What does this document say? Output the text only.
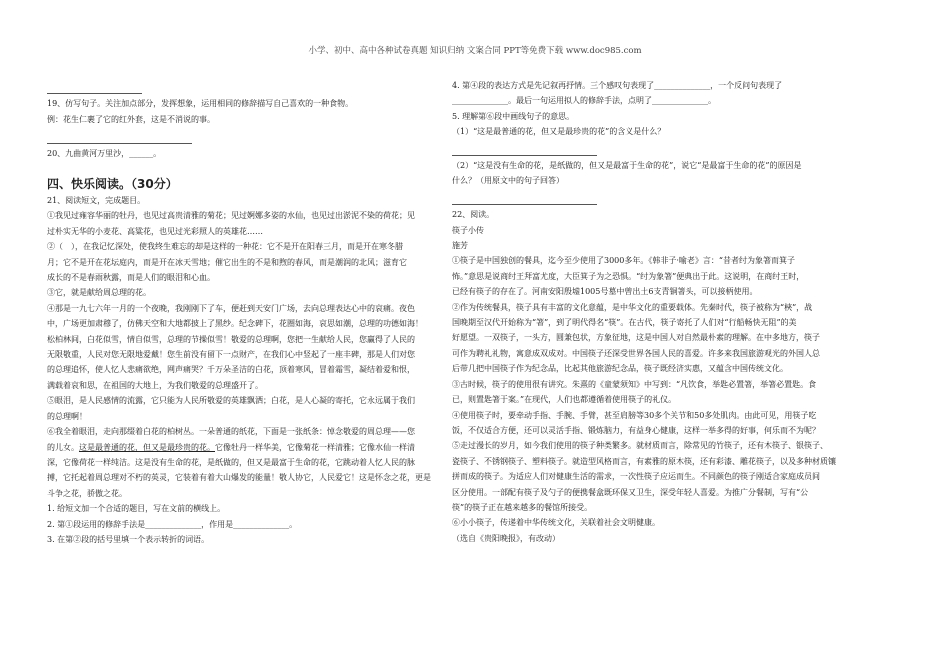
小学、初中、高中各种试卷真题 知识归纳 文案合同 PPT等免费下载 www.doc985.com
19、仿写句子。关注加点部分，发挥想象，运用相同的修辞描写自己喜欢的一种食物。
例：花生仁裹了它的红外套，这是不消说的事。
20、九曲黄河万里沙，______。
四、快乐阅读。（30分）
21、阅读短文，完成题目。
①我见过雍容华丽的牡丹，也见过高贵清雅的菊花；见过婀娜多姿的水仙，也见过出淤泥不染的荷花；见
过朴实无华的小麦花、高粱花，也见过光彩照人的英雄花……
②（　），在我记忆深处，使我终生难忘的却是这样的一种花：它不是开在阳春三月，而是开在寒冬腊
月；它不是开在花坛庭内，而是开在冰天雪地；催它出生的不是和煦的春风，而是潮润的北风；滋育它
成长的不是春雨秋露，而是人们的眼泪和心血。
③它，就是献给周总理的花。
④那是一九七六年一月的一个夜晚，我刚刚下了车，便赶到天安门广场，去向总理表达心中的哀痛。夜色
中，广场更加肃穆了，仿佛天空和大地都披上了黑纱。纪念碑下，花圈如海，哀思如潮，总理的功德如海！
松柏林间，白花似雪，情自似雪，总理的节操似雪！敬爱的总理啊，您把一生献给人民，您赢得了人民的
无限敬重，人民对您无限地爱戴！您生前没有留下一点财产，在我们心中竖起了一座丰碑，那是人们对您
的总理追怀，使人忆人悲痛欲绝，网声痛哭？千万朵圣洁的白花，顶着寒风，冒着霜雪，凝结着爱和恨，
满载着哀和思，在祖国的大地上，为我们敬爱的总理盛开了。
⑤眼泪，是人民感情的流露，它只能为人民所敬爱的英雄飘洒；白花，是人心凝的寄托，它永远属于我们
的总理啊！
⑥我全着眼泪，走向那缀着白花的柏树丛。一朵普通的纸花，下面是一张纸条：悼念敬爱的周总理——您
的儿女。这是最普通的花，但又是最珍贵的花。它像牡丹一样华美，它像菊花一样清雅；它像水仙一样清
深，它像荷花一样纯洁。这是没有生命的花，是纸做的，但又是最富于生命的花，它跳动着人忆人民的脉
搏，它托起着周总理对不朽的英灵，它装着有着大山爆发的能量！敬人协它，人民爱它！这是怀念之花，更是
斗争之花，骄傲之花。
1. 给短文加一个合适的题目，写在文前的横线上。
2. 第①段运用的修辞手法是______________，作用是______________。
3. 在第②段的括号里填一个表示转折的词语。
4. 第④段的表达方式是先记叙再抒情。三个感叹句表现了______________，一个反问句表现了
______________。最后一句运用拟人的修辞手法，点明了______________。
5. 理解第⑥段中画线句子的意思。
（1）“这是最普通的花，但又是最珍贵的花”的含义是什么？
（2）“这是没有生命的花，是纸做的，但又是最富于生命的花”，说它“是最富于生命的花”的原因是
什么？（用原文中的句子回答）
22、阅读。
筷子小传
施芳
①筷子是中国独创的餐具，迄今至少使用了3000多年。《韩非子·喻老》言：“昔者纣为象箸而箕子
怖。”意思是说商纣王拜富尤度，大臣箕子为之恐惧。“纣为象箸”便典出于此。这说明，在商纣王时，
已经有筷子的存在了。河南安阳殷墟1005号墓中曾出土6支青铜箸头，可以接柄使用。
②作为传统餐具，筷子具有丰富的文化意蕴，是中华文化的重要载体。先秦时代，筷子被称为“梜”，战
国晚期至汉代开始称为“箸”，到了明代得名“筷”。在古代，筷子寄托了人们对“行船畅快无阻”的美
好愿望。一双筷子，一头方，圆兼包状，方象征地，这是中国人对自然最朴素的理解。在中多地方，筷子
可作为聘礼礼物，寓意成双成对。中国筷子还深受世界各国人民的喜爱。许多来我国旅游观光的外国人总
后带几把中国筷子作为纪念品，比起其他旅游纪念品，筷子既经济实惠，又蕴含中国传统文化。
③古时候，筷子的使用很有讲究。朱熹的《童蒙须知》中写到：“凡饮食，举匙必置箸，举箸必置匙。食
已，则置匙箸于案。”在现代，人们也都遵循着使用筷子的礼仪。
④使用筷子时，要牵动手指、手腕、手臂，甚至肩膀等30多个关节和50多处肌肉。由此可见，用筷子吃
饭，不仅适合方便，还可以灵活手指、锻炼脑力，有益身心健康，这样一举多得的好事，何乐而不为呢？
⑤走过漫长的岁月，如今我们使用的筷子种类繁多。就材质而言，除常见的竹筷子，还有木筷子、银筷子、
瓷筷子、不锈钢筷子、塑料筷子。就造型风格而言，有素雅的原木筷，还有彩漆、雕花筷子，以及多种材质镶
拼而成的筷子。为适应人们对健康生活的需求，一次性筷子应运而生。不同颜色的筷子刚适合家庭成员间
区分使用。一部配有筷子及勺子的便携餐盒既环保又卫生，深受年轻人喜爱。为推广分餐制，写有“公
筷”的筷子正在越来越多的餐馆所接受。
⑥小小筷子，传递着中华传统文化，关联着社会文明健康。
（选自《贵阳晚报》，有改动）
